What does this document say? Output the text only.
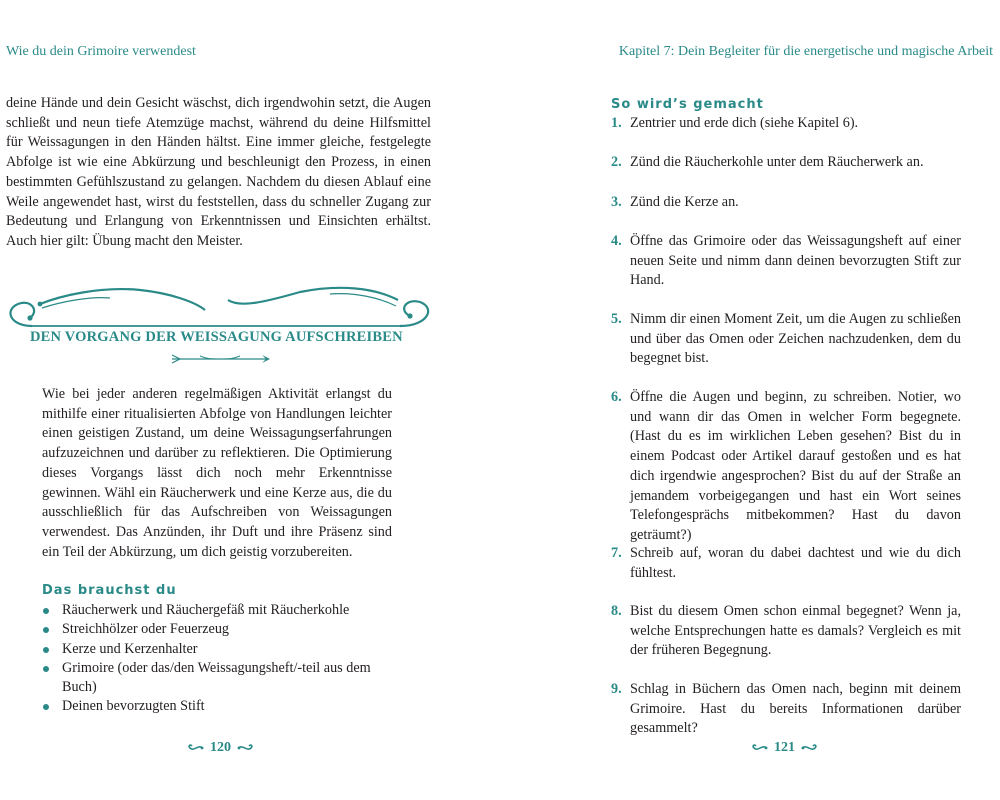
Wie du dein Grimoire verwendest

deine Hände und dein Gesicht wäschst, dich irgendwohin setzt, die Augen schließt und neun tiefe Atemzüge machst, während du deine Hilfsmittel für Weissagungen in den Händen hältst. Eine immer gleiche, festgelegte Abfolge ist wie eine Abkürzung und beschleunigt den Prozess, in einen bestimmten Gefühlszustand zu gelangen. Nachdem du diesen Ablauf eine Weile angewendet hast, wirst du feststellen, dass du schneller Zugang zur Bedeutung und Erlangung von Erkenntnissen und Einsichten erhältst. Auch hier gilt: Übung macht den Meister.

DEN VORGANG DER WEISSAGUNG AUFSCHREIBEN

Wie bei jeder anderen regelmäßigen Aktivität erlangst du mithilfe einer ritualisierten Abfolge von Handlungen leichter einen geistigen Zustand, um deine Weissagungserfahrungen aufzuzeichnen und darüber zu reflektieren. Die Optimierung dieses Vorgangs lässt dich noch mehr Erkenntnisse gewinnen. Wähl ein Räucherwerk und eine Kerze aus, die du ausschließlich für das Aufschreiben von Weissagungen verwendest. Das Anzünden, ihr Duft und ihre Präsenz sind ein Teil der Abkürzung, um dich geistig vorzubereiten.

Das brauchst du
Räucherwerk und Räuchergefäß mit Räucherkohle
Streichhölzer oder Feuerzeug
Kerze und Kerzenhalter
Grimoire (oder das/den Weissagungsheft/-teil aus dem Buch)
Deinen bevorzugten Stift
120
Kapitel 7: Dein Begleiter für die energetische und magische Arbeit
So wird’s gemacht
1. Zentrier und erde dich (siehe Kapitel 6).
2. Zünd die Räucherkohle unter dem Räucherwerk an.
3. Zünd die Kerze an.
4. Öffne das Grimoire oder das Weissagungsheft auf einer neuen Seite und nimm dann deinen bevorzugten Stift zur Hand.
5. Nimm dir einen Moment Zeit, um die Augen zu schließen und über das Omen oder Zeichen nachzudenken, dem du begegnet bist.
6. Öffne die Augen und beginn, zu schreiben. Notier, wo und wann dir das Omen in welcher Form begegnete. (Hast du es im wirklichen Leben gesehen? Bist du in einem Podcast oder Artikel darauf gestoßen und es hat dich irgendwie angesprochen? Bist du auf der Straße an jemandem vorbeigegangen und hast ein Wort seines Telefongesprächs mitbekommen? Hast du davon geträumt?)
7. Schreib auf, woran du dabei dachtest und wie du dich fühltest.
8. Bist du diesem Omen schon einmal begegnet? Wenn ja, welche Entsprechungen hatte es damals? Vergleich es mit der früheren Begegnung.
9. Schlag in Büchern das Omen nach, beginn mit deinem Grimoire. Hast du bereits Informationen darüber gesammelt?
121
